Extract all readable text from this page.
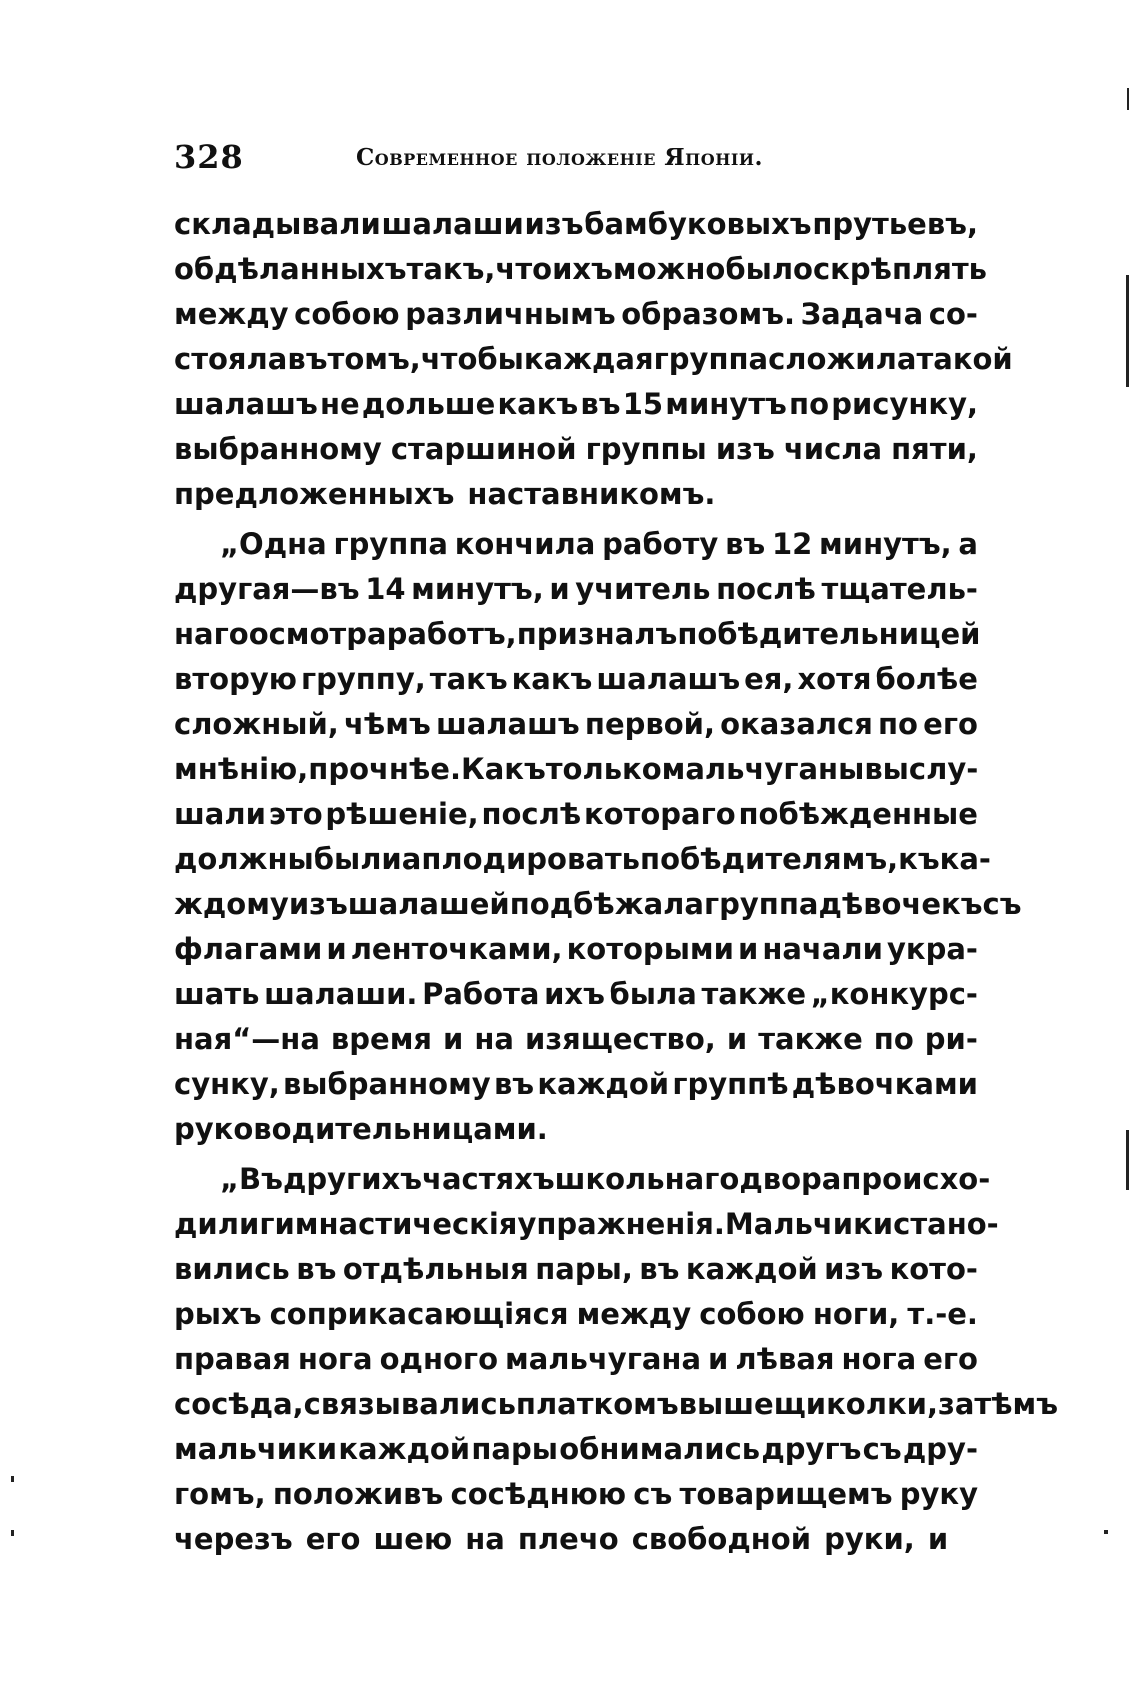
328	Современное положеніе Японіи.
складывали шалаши изъ бамбуковыхъ прутьевъ,
обдѣланныхъ такъ, что ихъ можно было скрѣплять
между собою различнымъ образомъ. Задача со-
стояла въ томъ, чтобы каждая группа сложила такой
шалашъ не дольше какъ въ 15 минутъ по рисунку,
выбранному старшиной группы изъ числа пяти,
предложенныхъ наставникомъ.
„Одна группа кончила работу въ 12 минутъ, а
другая—въ 14 минутъ, и учитель послѣ тщатель-
наго осмотра работъ, призналъ побѣдительницей
вторую группу, такъ какъ шалашъ ея, хотя болѣе
сложный, чѣмъ шалашъ первой, оказался по его
мнѣнію, прочнѣе. Какъ только мальчуганы выслу-
шали это рѣшеніе, послѣ котораго побѣжденные
должны были аплодировать побѣдителямъ, къ ка-
ждому изъ шалашей подбѣжала группа дѣвочекъ съ
флагами и ленточками, которыми и начали укра-
шать шалаши. Работа ихъ была также „конкурс-
ная“—на время и на изящество, и также по ри-
сунку, выбранному въ каждой группѣ дѣвочками
руководительницами.
„Въ другихъ частяхъ школьнаго двора происхо-
дили гимнастическія упражненія. Мальчики стано-
вились въ отдѣльныя пары, въ каждой изъ кото-
рыхъ соприкасающіяся между собою ноги, т.-е.
правая нога одного мальчугана и лѣвая нога его
сосѣда, связывались платкомъ выше щиколки, затѣмъ
мальчики каждой пары обнимались другъ съ дру-
гомъ, положивъ сосѣднюю съ товарищемъ руку
черезъ его шею на плечо свободной руки, и
